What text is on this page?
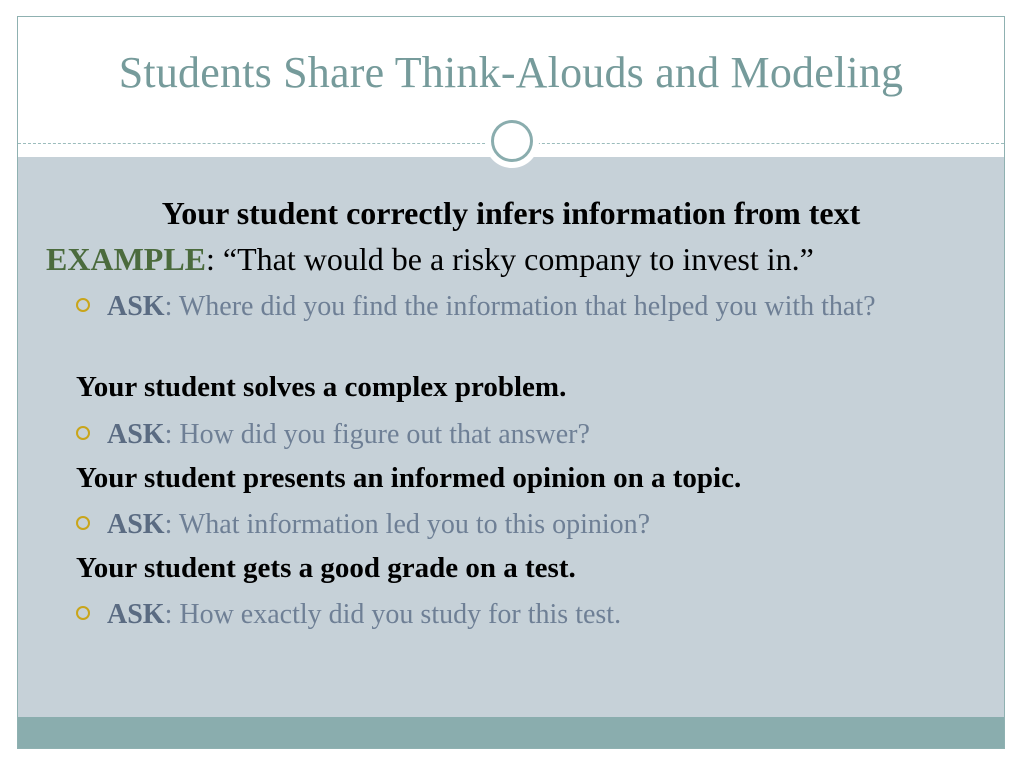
Students Share Think-Alouds and Modeling
Your student correctly infers information from text
EXAMPLE: “That would be a risky company to invest in.”
ASK: Where did you find the information that helped you with that?
Your student solves a complex problem.
ASK: How did you figure out that answer?
Your student presents an informed opinion on a topic.
ASK: What information led you to this opinion?
Your student gets a good grade on a test.
ASK: How exactly did you study for this test.
